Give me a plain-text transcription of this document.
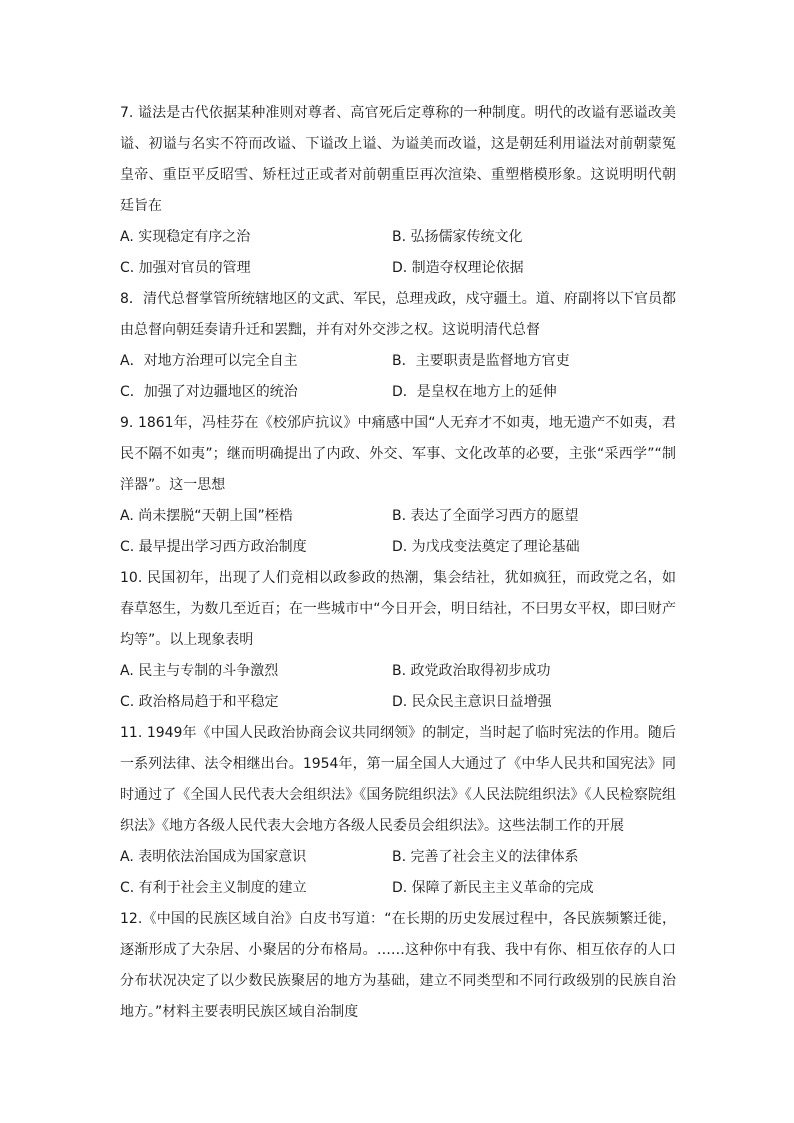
7. 谥法是古代依据某种准则对尊者、高官死后定尊称的一种制度。明代的改谥有恶谥改美谥、初谥与名实不符而改谥、下谥改上谥、为谥美而改谥，这是朝廷利用谥法对前朝蒙冤皇帝、重臣平反昭雪、矫枉过正或者对前朝重臣再次渲染、重塑楷模形象。这说明明代朝廷旨在

A. 实现稳定有序之治	B. 弘扬儒家传统文化
C. 加强对官员的管理	D. 制造夺权理论依据

8．清代总督掌管所统辖地区的文武、军民，总理戎政，戍守疆土。道、府副将以下官员都由总督向朝廷奏请升迁和罢黜，并有对外交涉之权。这说明清代总督

A．对地方治理可以完全自主	B．主要职责是监督地方官吏
C．加强了对边疆地区的统治	D．是皇权在地方上的延伸

9. 1861年，冯桂芬在《校邠庐抗议》中痛感中国“人无弃才不如夷，地无遗产不如夷，君民不隔不如夷”；继而明确提出了内政、外交、军事、文化改革的必要，主张“采西学”“制洋器”。这一思想

A. 尚未摆脱“天朝上国”桎梏	B. 表达了全面学习西方的愿望
C. 最早提出学习西方政治制度	D. 为戊戌变法奠定了理论基础

10. 民国初年，出现了人们竞相以政参政的热潮，集会结社，犹如疯狂，而政党之名，如春草怒生，为数几至近百；在一些城市中“今日开会，明日结社，不曰男女平权，即曰财产均等”。以上现象表明

A. 民主与专制的斗争激烈	B. 政党政治取得初步成功
C. 政治格局趋于和平稳定	D. 民众民主意识日益增强

11. 1949年《中国人民政治协商会议共同纲领》的制定，当时起了临时宪法的作用。随后一系列法律、法令相继出台。1954年，第一届全国人大通过了《中华人民共和国宪法》同时通过了《全国人民代表大会组织法》《国务院组织法》《人民法院组织法》《人民检察院组织法》《地方各级人民代表大会地方各级人民委员会组织法》。这些法制工作的开展

A. 表明依法治国成为国家意识	B. 完善了社会主义的法律体系
C. 有利于社会主义制度的建立	D. 保障了新民主主义革命的完成

12.《中国的民族区域自治》白皮书写道：“在长期的历史发展过程中，各民族频繁迁徙，逐渐形成了大杂居、小聚居的分布格局。……这种你中有我、我中有你、相互依存的人口分布状况决定了以少数民族聚居的地方为基础，建立不同类型和不同行政级别的民族自治地方。”材料主要表明民族区域自治制度
